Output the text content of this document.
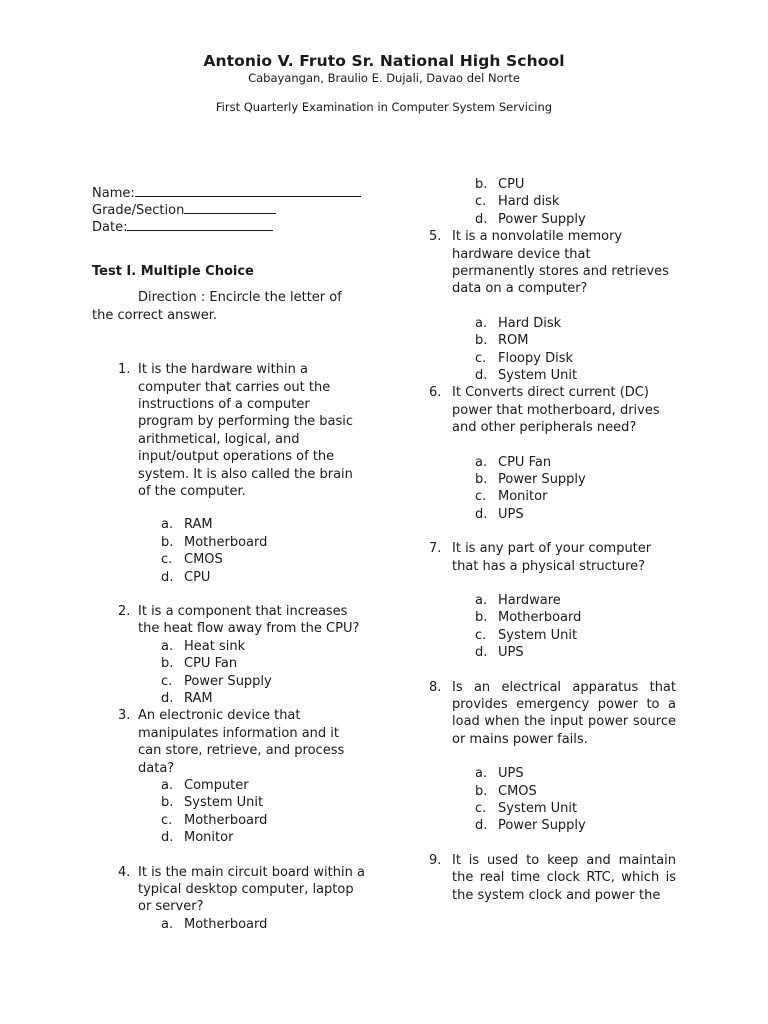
Antonio V. Fruto Sr. National High School
Cabayangan, Braulio E. Dujali, Davao del Norte
First Quarterly Examination in Computer System Servicing
Name:
Grade/Section
Date:
Test I. Multiple Choice
Direction : Encircle the letter of the correct answer.
1. It is the hardware within a computer that carries out the instructions of a computer program by performing the basic arithmetical, logical, and input/output operations of the system. It is also called the brain of the computer.
a. RAM
b. Motherboard
c. CMOS
d. CPU
2. It is a component that increases the heat flow away from the CPU?
a. Heat sink
b. CPU Fan
c. Power Supply
d. RAM
3. An electronic device that manipulates information and it can store, retrieve, and process data?
a. Computer
b. System Unit
c. Motherboard
d. Monitor
4. It is the main circuit board within a typical desktop computer, laptop or server?
a. Motherboard
b. CPU
c. Hard disk
d. Power Supply
5. It is a nonvolatile memory hardware device that permanently stores and retrieves data on a computer?
a. Hard Disk
b. ROM
c. Floopy Disk
d. System Unit
6. It Converts direct current (DC) power that motherboard, drives and other peripherals need?
a. CPU Fan
b. Power Supply
c. Monitor
d. UPS
7. It is any part of your computer that has a physical structure?
a. Hardware
b. Motherboard
c. System Unit
d. UPS
8. Is an electrical apparatus that provides emergency power to a load when the input power source or mains power fails.
a. UPS
b. CMOS
c. System Unit
d. Power Supply
9. It is used to keep and maintain the real time clock RTC, which is the system clock and power the
